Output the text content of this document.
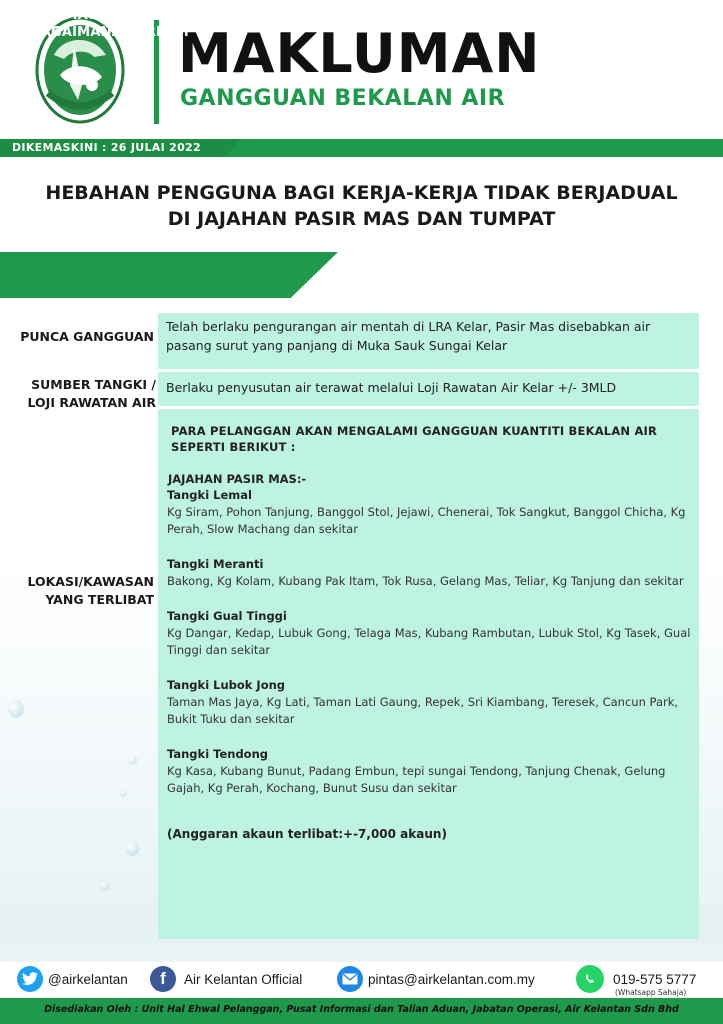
MAKLUMAN
GANGGUAN BEKALAN AIR
DIKEMASKINI : 26 JULAI 2022
HEBAHAN PENGGUNA BAGI KERJA-KERJA TIDAK BERJADUAL
DI JAJAHAN PASIR MAS DAN TUMPAT
MAKLUMAT GANGGUAN BEKALAN
SEBAGAIMANA BERIKUT :
PUNCA GANGGUAN
Telah berlaku pengurangan air mentah di LRA Kelar, Pasir Mas disebabkan air pasang surut yang panjang di Muka Sauk Sungai Kelar
SUMBER TANGKI /
LOJI RAWATAN AIR
Berlaku penyusutan air terawat melalui Loji Rawatan Air Kelar +/- 3MLD
LOKASI/KAWASAN
YANG TERLIBAT
PARA PELANGGAN AKAN MENGALAMI GANGGUAN KUANTITI BEKALAN AIR SEPERTI BERIKUT :
JAJAHAN PASIR MAS:-
Tangki Lemal
Kg Siram, Pohon Tanjung, Banggol Stol, Jejawi, Chenerai, Tok Sangkut, Banggol Chicha, Kg Perah, Slow Machang dan sekitar
Tangki Meranti
Bakong, Kg Kolam, Kubang Pak Itam, Tok Rusa, Gelang Mas, Teliar, Kg Tanjung dan sekitar
Tangki Gual Tinggi
Kg Dangar, Kedap, Lubuk Gong, Telaga Mas, Kubang Rambutan, Lubuk Stol, Kg Tasek, Gual Tinggi dan sekitar
Tangki Lubok Jong
Taman Mas Jaya, Kg Lati, Taman Lati Gaung, Repek, Sri Kiambang, Teresek, Cancun Park, Bukit Tuku dan sekitar
Tangki Tendong
Kg Kasa, Kubang Bunut, Padang Embun, tepi sungai Tendong, Tanjung Chenak, Gelung Gajah, Kg Perah, Kochang, Bunut Susu dan sekitar
(Anggaran akaun terlibat:+-7,000 akaun)
@airkelantan	f	Air Kelantan Official	pintas@airkelantan.com.my	019-575 5777
(Whatsapp Sahaja)
Disediakan Oleh : Unit Hal Ehwal Pelanggan, Pusat Informasi dan Talian Aduan, Jabatan Operasi, Air Kelantan Sdn Bhd
